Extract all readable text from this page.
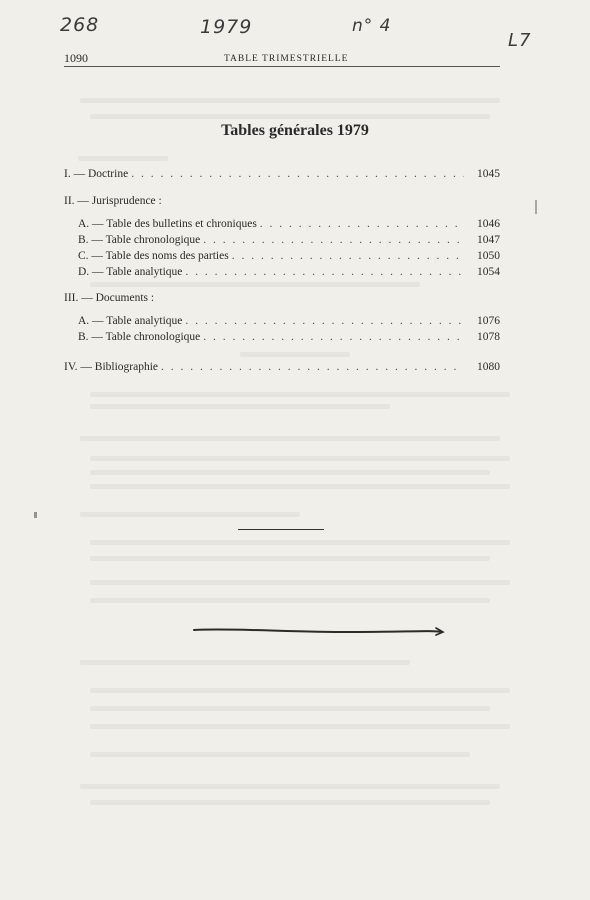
268	1979	n° 4
L7
1090	TABLE TRIMESTRIELLE
Tables générales 1979
I. — Doctrine . . .	1045
II. — Jurisprudence :
A. — Table des bulletins et chroniques . . .	1046
B. — Table chronologique . . .	1047
C. — Table des noms des parties . . .	1050
D. — Table analytique . . .	1054
III. — Documents :
A. — Table analytique . . .	1076
B. — Table chronologique . . .	1078
IV. — Bibliographie . . .	1080
